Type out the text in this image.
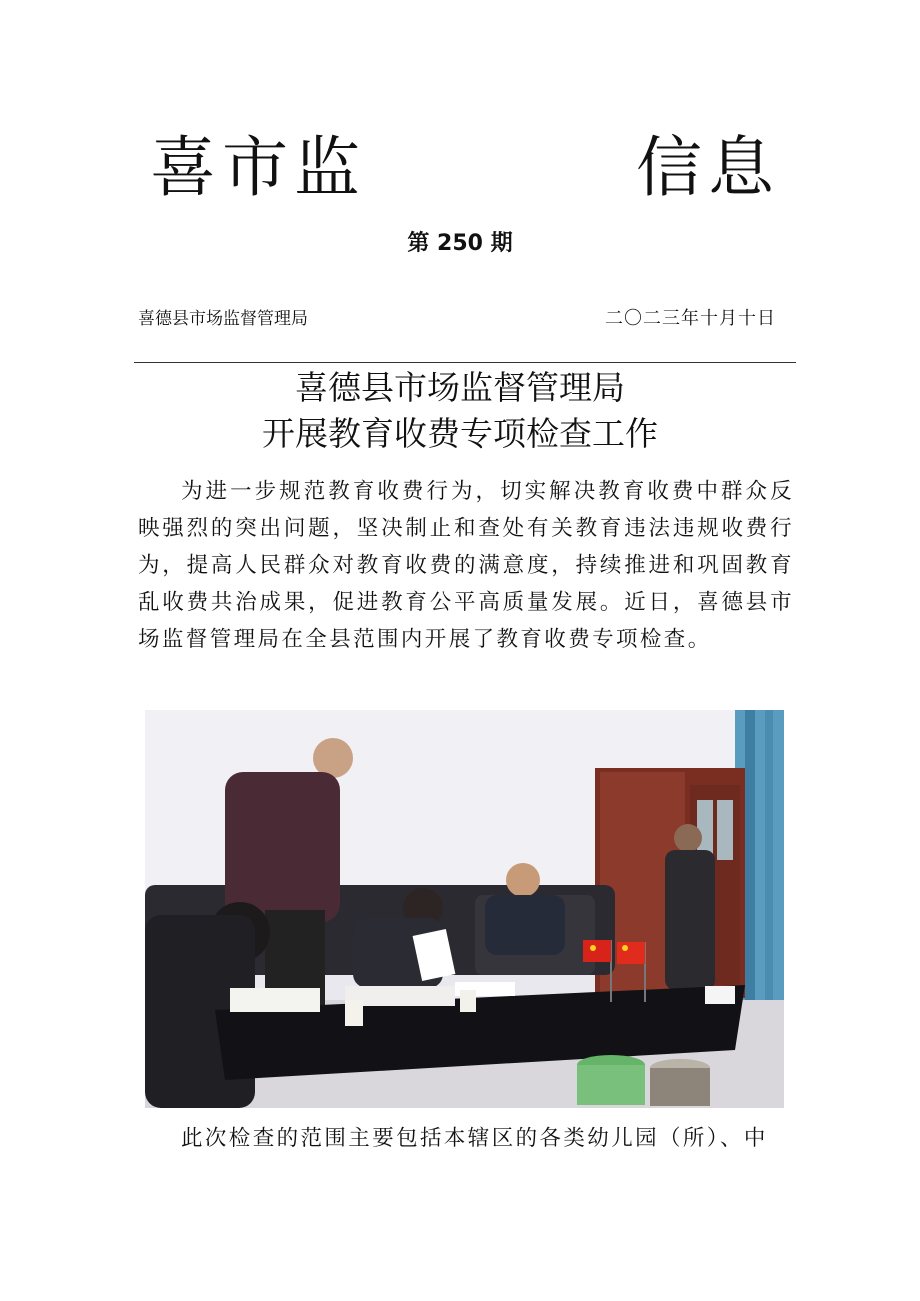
喜市监	信息
第 250 期
喜德县市场监督管理局	二〇二三年十月十日
喜德县市场监督管理局
开展教育收费专项检查工作

为进一步规范教育收费行为，切实解决教育收费中群众反映强烈的突出问题，坚决制止和查处有关教育违法违规收费行为，提高人民群众对教育收费的满意度，持续推进和巩固教育乱收费共治成果，促进教育公平高质量发展。近日，喜德县市场监督管理局在全县范围内开展了教育收费专项检查。

此次检查的范围主要包括本辖区的各类幼儿园（所）、中
